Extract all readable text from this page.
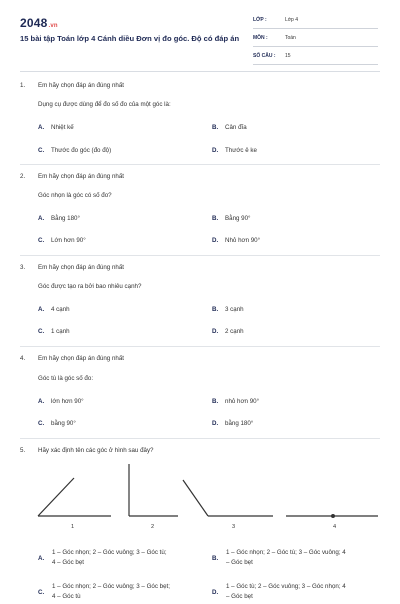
2048.vn
15 bài tập Toán lớp 4 Cánh diều Đơn vị đo góc. Độ có đáp án
LỚP :	Lớp 4
MÔN :	Toán
SỐ CÂU : 15
1. Em hãy chọn đáp án đúng nhất
Dụng cụ được dùng để đo số đo của một góc là:
A. Nhiệt kế	B. Cân đĩa
C. Thước đo góc (đo độ)	D. Thước ê ke
2. Em hãy chọn đáp án đúng nhất
Góc nhọn là góc có số đo?
A. Bằng 180°	B. Bằng 90°
C. Lớn hơn 90°	D. Nhỏ hơn 90°
3. Em hãy chọn đáp án đúng nhất
Góc được tạo ra bởi bao nhiêu cạnh?
A. 4 cạnh	B. 3 cạnh
C. 1 cạnh	D. 2 cạnh
4. Em hãy chọn đáp án đúng nhất
Góc tù là góc số đo:
A. lớn hơn 90°	B. nhỏ hơn 90°
C. bằng 90°	D. bằng 180°
5. Hãy xác định tên các góc ở hình sau đây?
1	2	3	4
A.
1 – Góc nhọn; 2 – Góc vuông; 3 – Góc tù;
4 – Góc bẹt
B.
1 – Góc nhọn; 2 – Góc tù; 3 – Góc vuông; 4
– Góc bẹt
C.
1 – Góc nhọn; 2 – Góc vuông; 3 – Góc bẹt;
4 – Góc tù
D.
1 – Góc tù; 2 – Góc vuông; 3 – Góc nhọn; 4
– Góc bẹt
